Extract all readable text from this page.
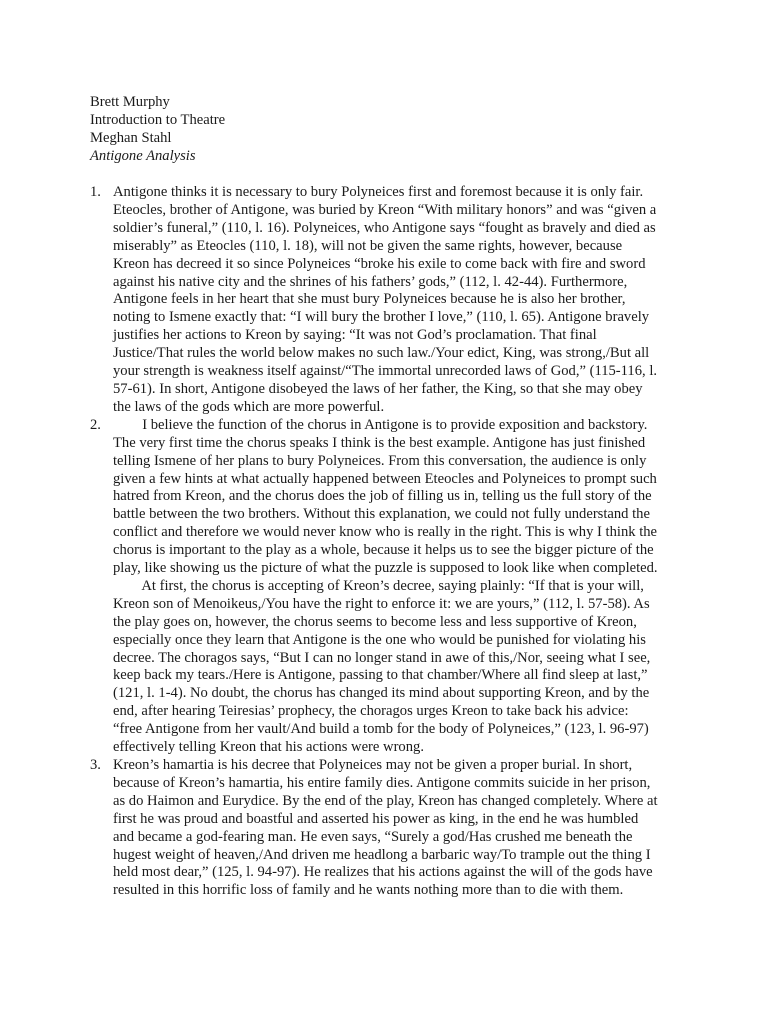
Brett Murphy
Introduction to Theatre
Meghan Stahl
Antigone Analysis
1. Antigone thinks it is necessary to bury Polyneices first and foremost because it is only fair.
Eteocles, brother of Antigone, was buried by Kreon “With military honors” and was “given a
soldier’s funeral,” (110, l. 16). Polyneices, who Antigone says “fought as bravely and died as
miserably” as Eteocles (110, l. 18), will not be given the same rights, however, because
Kreon has decreed it so since Polyneices “broke his exile to come back with fire and sword
against his native city and the shrines of his fathers’ gods,” (112, l. 42-44). Furthermore,
Antigone feels in her heart that she must bury Polyneices because he is also her brother,
noting to Ismene exactly that: “I will bury the brother I love,” (110, l. 65). Antigone bravely
justifies her actions to Kreon by saying: “It was not God’s proclamation. That final
Justice/That rules the world below makes no such law./Your edict, King, was strong,/But all
your strength is weakness itself against/“The immortal unrecorded laws of God,” (115-116, l.
57-61). In short, Antigone disobeyed the laws of her father, the King, so that she may obey
the laws of the gods which are more powerful.
2. I believe the function of the chorus in Antigone is to provide exposition and backstory.
The very first time the chorus speaks I think is the best example. Antigone has just finished
telling Ismene of her plans to bury Polyneices. From this conversation, the audience is only
given a few hints at what actually happened between Eteocles and Polyneices to prompt such
hatred from Kreon, and the chorus does the job of filling us in, telling us the full story of the
battle between the two brothers. Without this explanation, we could not fully understand the
conflict and therefore we would never know who is really in the right. This is why I think the
chorus is important to the play as a whole, because it helps us to see the bigger picture of the
play, like showing us the picture of what the puzzle is supposed to look like when completed.
At first, the chorus is accepting of Kreon’s decree, saying plainly: “If that is your will,
Kreon son of Menoikeus,/You have the right to enforce it: we are yours,” (112, l. 57-58). As
the play goes on, however, the chorus seems to become less and less supportive of Kreon,
especially once they learn that Antigone is the one who would be punished for violating his
decree. The choragos says, “But I can no longer stand in awe of this,/Nor, seeing what I see,
keep back my tears./Here is Antigone, passing to that chamber/Where all find sleep at last,”
(121, l. 1-4). No doubt, the chorus has changed its mind about supporting Kreon, and by the
end, after hearing Teiresias’ prophecy, the choragos urges Kreon to take back his advice:
“free Antigone from her vault/And build a tomb for the body of Polyneices,” (123, l. 96-97)
effectively telling Kreon that his actions were wrong.
3. Kreon’s hamartia is his decree that Polyneices may not be given a proper burial. In short,
because of Kreon’s hamartia, his entire family dies. Antigone commits suicide in her prison,
as do Haimon and Eurydice. By the end of the play, Kreon has changed completely. Where at
first he was proud and boastful and asserted his power as king, in the end he was humbled
and became a god-fearing man. He even says, “Surely a god/Has crushed me beneath the
hugest weight of heaven,/And driven me headlong a barbaric way/To trample out the thing I
held most dear,” (125, l. 94-97). He realizes that his actions against the will of the gods have
resulted in this horrific loss of family and he wants nothing more than to die with them.
